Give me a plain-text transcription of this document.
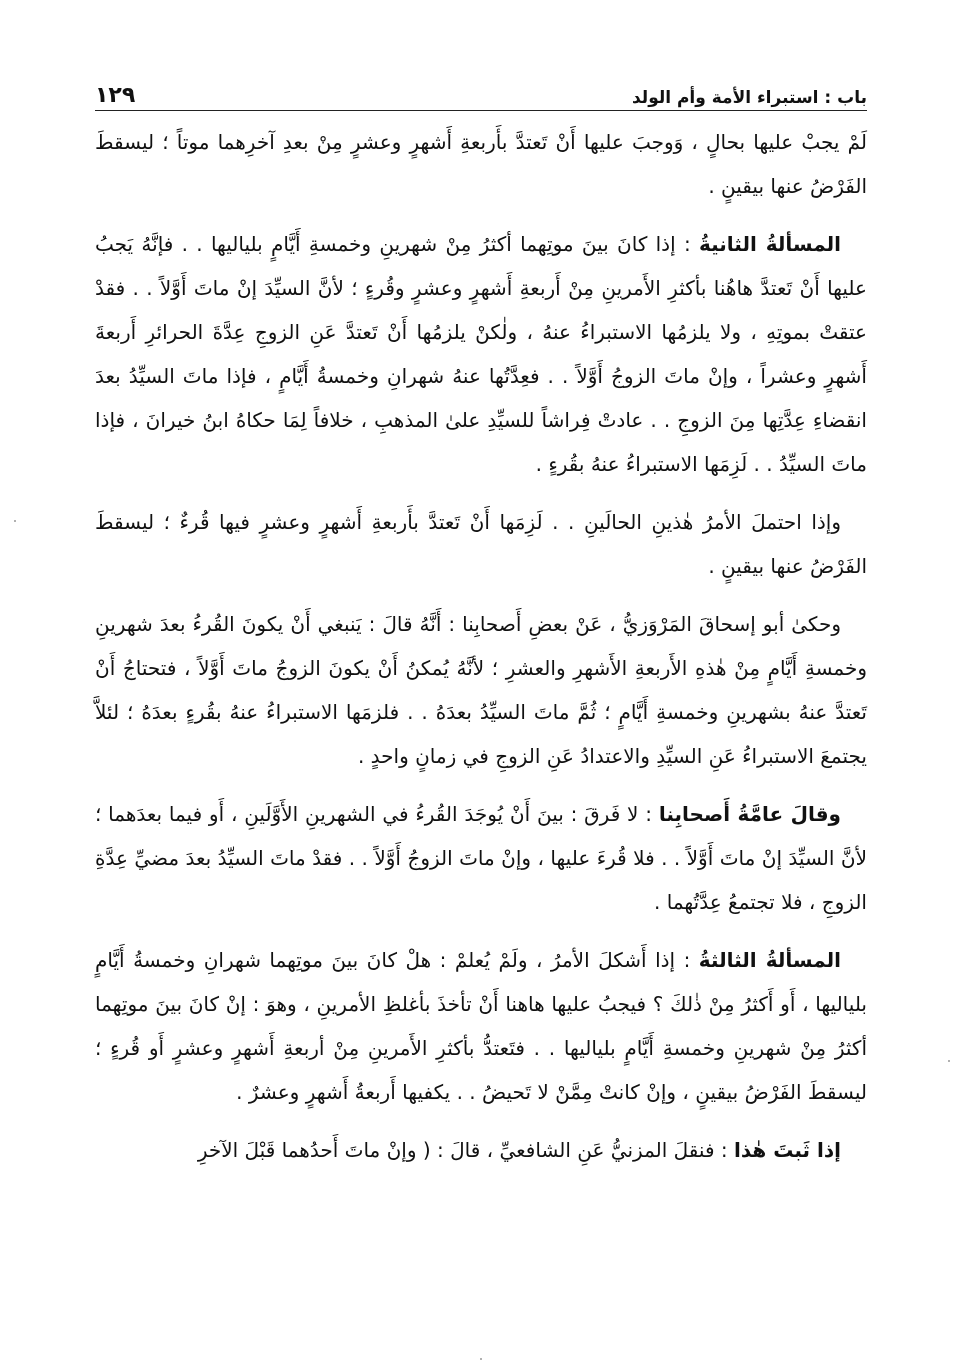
باب : استبراء الأمة وأم الولد
١٢٩

لَمْ يجبْ عليها بحالٍ ، وَوجبَ عليها أَنْ تَعتدَّ بأَربعةِ أَشهرٍ وعشرٍ مِنْ بعدِ آخرِهما موتاً ؛ ليسقطَ الفَرْضُ عنها بيقينٍ .

المسألةُ الثانيةُ : إذا كانَ بينَ موتِهما أكثرُ مِنْ شهرينِ وخمسةِ أَيَّامٍ بلياليها . . فإنَّهُ يَجبُ عليها أَنْ تَعتدَّ هاهُنا بأكثرِ الأَمرينِ مِنْ أَربعةِ أَشهرٍ وعشرٍ وقُرءٍ ؛ لأنَّ السيِّدَ إنْ ماتَ أَوَّلاً . . فقدْ عتقتْ بموتِهِ ، ولا يلزمُها الاستبراءُ عنهُ ، ولٰكنْ يلزمُها أَنْ تَعتدَّ عَنِ الزوجِ عِدَّةَ الحرائرِ أَربعةَ أَشهرٍ وعشراً ، وإنْ ماتَ الزوجُ أَوَّلاً . . فعِدَّتُها عنهُ شهرانِ وخمسةُ أَيَّامٍ ، فإذا ماتَ السيِّدُ بعدَ انقضاءِ عِدَّتِها مِنَ الزوجِ . . عادتْ فِراشاً للسيِّدِ علىٰ المذهبِ ، خلافاً لِمَا حكاهُ ابنُ خيرانَ ، فإذا ماتَ السيِّدُ . . لَزِمَها الاستبراءُ عنهُ بقُرءٍ .

وإذا احتملَ الأمرُ هٰذينِ الحالَينِ . . لَزِمَها أَنْ تَعتدَّ بأَربعةِ أَشهرٍ وعشرٍ فيها قُرءٌ ؛ ليسقطَ الفَرْضُ عنها بيقينٍ .

وحكىٰ أبو إسحاقَ المَرْوَزيُّ ، عَنْ بعضِ أَصحابِنا : أَنَّهُ قالَ : يَنبغي أَنْ يكونَ القُرءُ بعدَ شهرينِ وخمسةِ أَيَّامٍ مِنْ هٰذهِ الأَربعةِ الأَشهرِ والعشرِ ؛ لأنَّهُ يُمكنُ أَنْ يكونَ الزوجُ ماتَ أَوَّلاً ، فتحتاجُ أَنْ تَعتدَّ عنهُ بشهرينِ وخمسةِ أَيَّامٍ ؛ ثُمَّ ماتَ السيِّدُ بعدَهُ . . فلزمَها الاستبراءُ عنهُ بقُرءٍ بعدَهُ ؛ لئلاَّ يجتمعَ الاستبراءُ عَنِ السيِّدِ والاعتدادُ عَنِ الزوجِ في زمانٍ واحدٍ .

وقالَ عامَّةُ أَصحابِنا : لا فَرقَ : بينَ أَنْ يُوجَدَ القُرءُ في الشهرينِ الأَوَّلَينِ ، أَو فيما بعدَهما ؛ لأنَّ السيِّدَ إنْ ماتَ أَوَّلاً . . فلا قُرءَ عليها ، وإنْ ماتَ الزوجُ أَوَّلاً . . فقدْ ماتَ السيِّدُ بعدَ مضيِّ عِدَّةِ الزوجِ ، فلا تجتمعُ عِدَّتُهما .

المسألةُ الثالثةُ : إذا أَشكلَ الأمرُ ، ولَمْ يُعلمْ : هلْ كانَ بينَ موتِهما شهرانِ وخمسةُ أَيَّامٍ بلياليها ، أَو أَكثرُ مِنْ ذٰلكَ ؟ فيجبُ عليها هاهنا أَنْ تأخذَ بأغلظِ الأمرينِ ، وهوَ : إنْ كانَ بينَ موتِهما أكثرُ مِنْ شهرينِ وخمسةِ أَيَّامٍ بلياليها . . فتَعتدُّ بأكثرِ الأَمرينِ مِنْ أربعةِ أَشهرٍ وعشرٍ أَو قُرءٍ ؛ ليسقطَ الفَرْضُ بيقينٍ ، وإنْ كانتْ مِمَّنْ لا تَحيضُ . . يكفيها أَربعةُ أَشهرٍ وعشرٌ .

إذا ثَبتَ هٰذا : فنقلَ المزنيُّ عَنِ الشافعيِّ ، قالَ : ( وإنْ ماتَ أَحدُهما قَبْلَ الآخرِ
